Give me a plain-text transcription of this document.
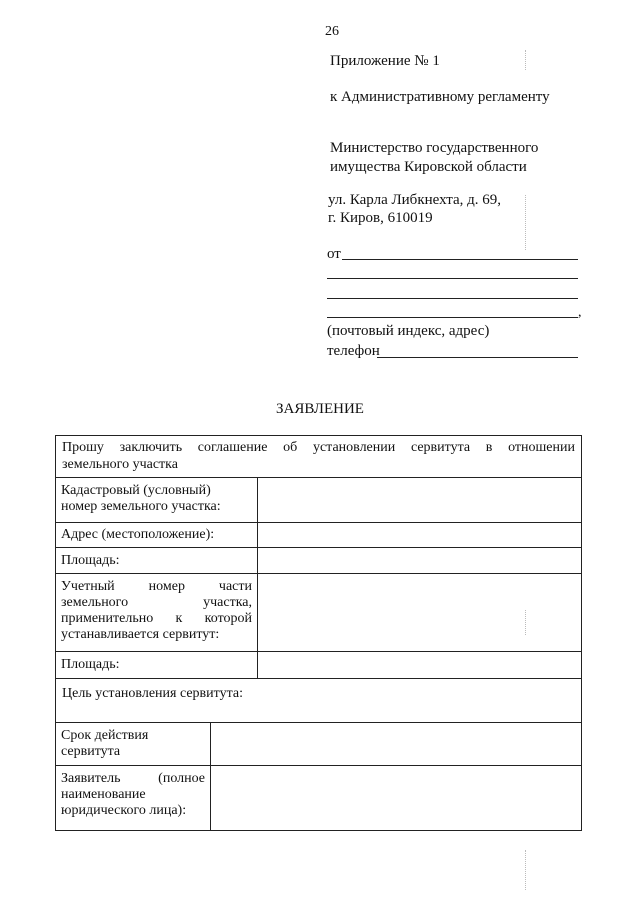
26
Приложение № 1
к Административному регламенту
Министерство государственного
имущества Кировской области
ул. Карла Либкнехта, д. 69,
г. Киров, 610019
от
,
(почтовый индекс, адрес)
телефон
ЗАЯВЛЕНИЕ
Прошу заключить соглашение об установлении сервитута в отношении
земельного участка
Кадастровый (условный)
номер земельного участка:
Адрес (местоположение):
Площадь:
Учетный номер части
земельного участка,
применительно к которой
устанавливается сервитут:
Площадь:
Цель установления сервитута:
Срок действия
сервитута
Заявитель (полное
наименование
юридического лица):
